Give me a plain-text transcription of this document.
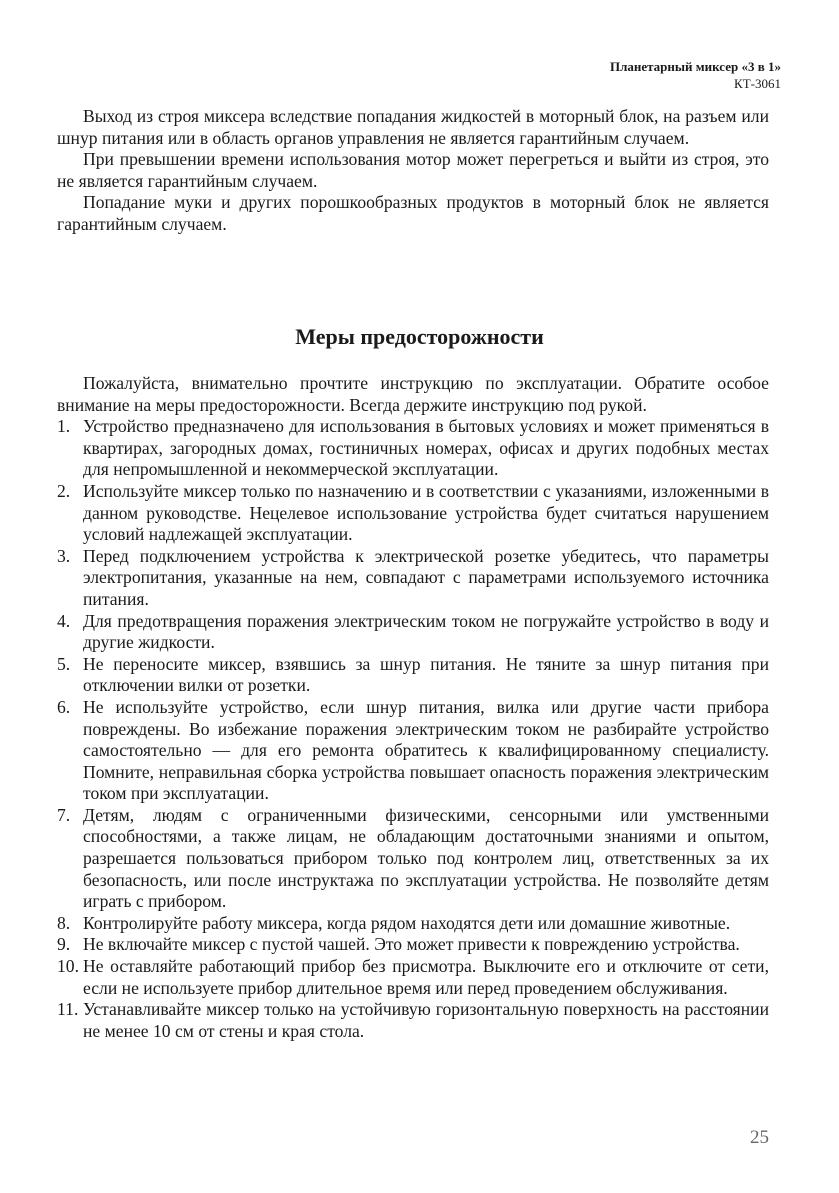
Планетарный миксер «3 в 1»
КТ-3061

Выход из строя миксера вследствие попадания жидкостей в моторный блок, на разъем или шнур питания или в область органов управления не является гарантийным случаем.

При превышении времени использования мотор может перегреться и выйти из строя, это не является гарантийным случаем.

Попадание муки и других порошкообразных продуктов в моторный блок не является гарантийным случаем.

Меры предосторожности

Пожалуйста, внимательно прочтите инструкцию по эксплуатации. Обратите особое внимание на меры предосторожности. Всегда держите инструкцию под рукой.

1. Устройство предназначено для использования в бытовых условиях и может применяться в квартирах, загородных домах, гостиничных номерах, офисах и других подобных местах для непромышленной и некоммерческой эксплуатации.
2. Используйте миксер только по назначению и в соответствии с указаниями, изложенными в данном руководстве. Нецелевое использование устройства будет считаться нарушением условий надлежащей эксплуатации.
3. Перед подключением устройства к электрической розетке убедитесь, что параметры электропитания, указанные на нем, совпадают с параметрами используемого источника питания.
4. Для предотвращения поражения электрическим током не погружайте устройство в воду и другие жидкости.
5. Не переносите миксер, взявшись за шнур питания. Не тяните за шнур питания при отключении вилки от розетки.
6. Не используйте устройство, если шнур питания, вилка или другие части прибора повреждены. Во избежание поражения электрическим током не разбирайте устройство самостоятельно — для его ремонта обратитесь к квалифицированному специалисту. Помните, неправильная сборка устройства повышает опасность поражения электрическим током при эксплуатации.
7. Детям, людям с ограниченными физическими, сенсорными или умственными способностями, а также лицам, не обладающим достаточными знаниями и опытом, разрешается пользоваться прибором только под контролем лиц, ответственных за их безопасность, или после инструктажа по эксплуатации устройства. Не позволяйте детям играть с прибором.
8. Контролируйте работу миксера, когда рядом находятся дети или домашние животные.
9. Не включайте миксер с пустой чашей. Это может привести к повреждению устройства.
10. Не оставляйте работающий прибор без присмотра. Выключите его и отключите от сети, если не используете прибор длительное время или перед проведением обслуживания.
11. Устанавливайте миксер только на устойчивую горизонтальную поверхность на расстоянии не менее 10 см от стены и края стола.
25
